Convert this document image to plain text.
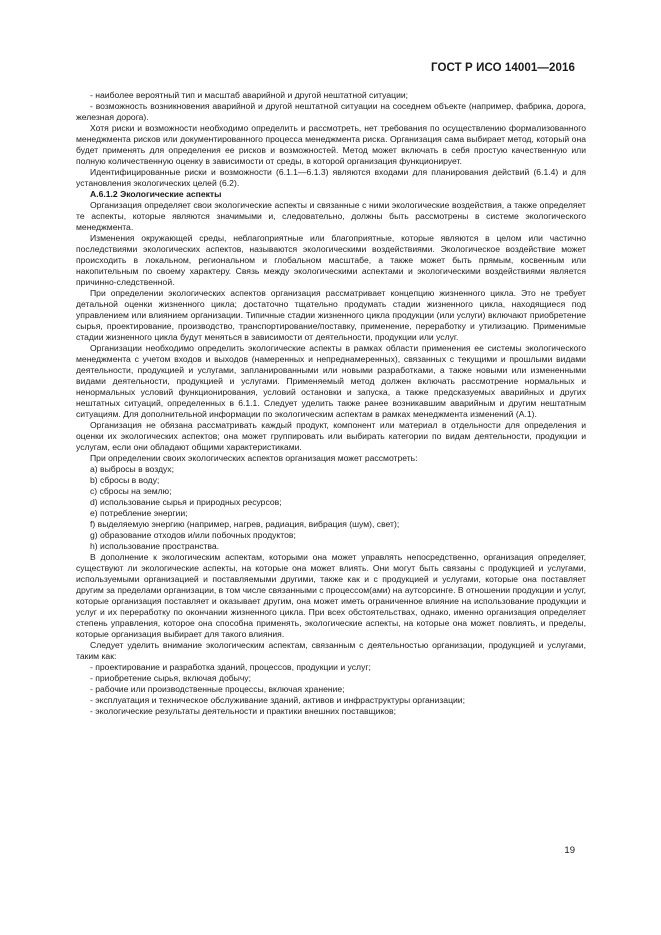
ГОСТ Р ИСО 14001—2016

- наиболее вероятный тип и масштаб аварийной и другой нештатной ситуации;

- возможность возникновения аварийной и другой нештатной ситуации на соседнем объекте (например, фабрика, дорога, железная дорога).

Хотя риски и возможности необходимо определить и рассмотреть, нет требования по осуществлению формализованного менеджмента рисков или документированного процесса менеджмента риска. Организация сама выбирает метод, который она будет применять для определения ее рисков и возможностей. Метод может включать в себя простую качественную или полную количественную оценку в зависимости от среды, в которой организация функционирует.

Идентифицированные риски и возможности (6.1.1—6.1.3) являются входами для планирования действий (6.1.4) и для установления экологических целей (6.2).

А.6.1.2 Экологические аспекты

Организация определяет свои экологические аспекты и связанные с ними экологические воздействия, а также определяет те аспекты, которые являются значимыми и, следовательно, должны быть рассмотрены в системе экологического менеджмента.

Изменения окружающей среды, неблагоприятные или благоприятные, которые являются в целом или частично последствиями экологических аспектов, называются экологическими воздействиями. Экологическое воздействие может происходить в локальном, региональном и глобальном масштабе, а также может быть прямым, косвенным или накопительным по своему характеру. Связь между экологическими аспектами и экологическими воздействиями является причинно-следственной.

При определении экологических аспектов организация рассматривает концепцию жизненного цикла. Это не требует детальной оценки жизненного цикла; достаточно тщательно продумать стадии жизненного цикла, находящиеся под управлением или влиянием организации. Типичные стадии жизненного цикла продукции (или услуги) включают приобретение сырья, проектирование, производство, транспортирование/поставку, применение, переработку и утилизацию. Применимые стадии жизненного цикла будут меняться в зависимости от деятельности, продукции или услуг.

Организации необходимо определить экологические аспекты в рамках области применения ее системы экологического менеджмента с учетом входов и выходов (намеренных и непреднамеренных), связанных с текущими и прошлыми видами деятельности, продукцией и услугами, запланированными или новыми разработками, а также новыми или измененными видами деятельности, продукцией и услугами. Применяемый метод должен включать рассмотрение нормальных и ненормальных условий функционирования, условий остановки и запуска, а также предсказуемых аварийных и других нештатных ситуаций, определенных в 6.1.1. Следует уделить также ранее возникавшим аварийным и другим нештатным ситуациям. Для дополнительной информации по экологическим аспектам в рамках менеджмента изменений (А.1).

Организация не обязана рассматривать каждый продукт, компонент или материал в отдельности для определения и оценки их экологических аспектов; она может группировать или выбирать категории по видам деятельности, продукции и услугам, если они обладают общими характеристиками.

При определении своих экологических аспектов организация может рассмотреть:

a) выбросы в воздух;

b) сбросы в воду;

c) сбросы на землю;

d) использование сырья и природных ресурсов;

e) потребление энергии;

f) выделяемую энергию (например, нагрев, радиация, вибрация (шум), свет);

g) образование отходов и/или побочных продуктов;

h) использование пространства.

В дополнение к экологическим аспектам, которыми она может управлять непосредственно, организация определяет, существуют ли экологические аспекты, на которые она может влиять. Они могут быть связаны с продукцией и услугами, используемыми организацией и поставляемыми другими, также как и с продукцией и услугами, которые она поставляет другим за пределами организации, в том числе связанными с процессом(ами) на аутсорсинге. В отношении продукции и услуг, которые организация поставляет и оказывает другим, она может иметь ограниченное влияние на использование продукции и услуг и их переработку по окончании жизненного цикла. При всех обстоятельствах, однако, именно организация определяет степень управления, которое она способна применять, экологические аспекты, на которые она может повлиять, и пределы, которые организация выбирает для такого влияния.

Следует уделить внимание экологическим аспектам, связанным с деятельностью организации, продукцией и услугами, таким как:

- проектирование и разработка зданий, процессов, продукции и услуг;

- приобретение сырья, включая добычу;

- рабочие или производственные процессы, включая хранение;

- эксплуатация и техническое обслуживание зданий, активов и инфраструктуры организации;

- экологические результаты деятельности и практики внешних поставщиков;

19
